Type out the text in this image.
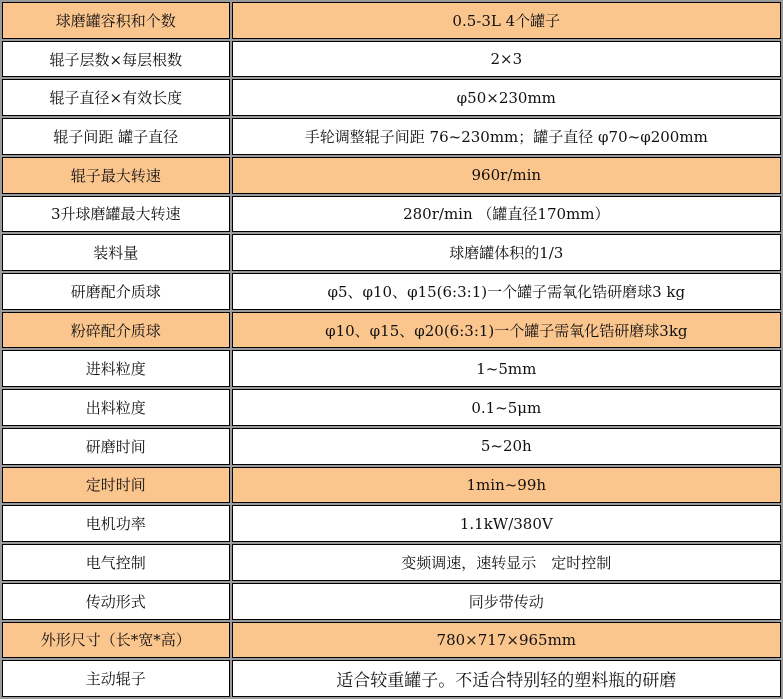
球磨罐容积和个数	0.5-3L 4个罐子
辊子层数×每层根数	2×3
辊子直径×有效长度	φ50×230mm
辊子间距 罐子直径	手轮调整辊子间距 76~230mm；罐子直径 φ70~φ200mm
辊子最大转速	960r/min
3升球磨罐最大转速	280r/min （罐直径170mm）
装料量	球磨罐体积的1/3
研磨配介质球	φ5、φ10、φ15(6:3:1)一个罐子需氧化锆研磨球3 kg
粉碎配介质球	φ10、φ15、φ20(6:3:1)一个罐子需氧化锆研磨球3kg
进料粒度	1~5mm
出料粒度	0.1~5μm
研磨时间	5~20h
定时时间	1min~99h
电机功率	1.1kW/380V
电气控制	变频调速，速转显示　定时控制
传动形式	同步带传动
外形尺寸（长*宽*高）	780×717×965mm
主动辊子	适合较重罐子。不适合特别轻的塑料瓶的研磨
